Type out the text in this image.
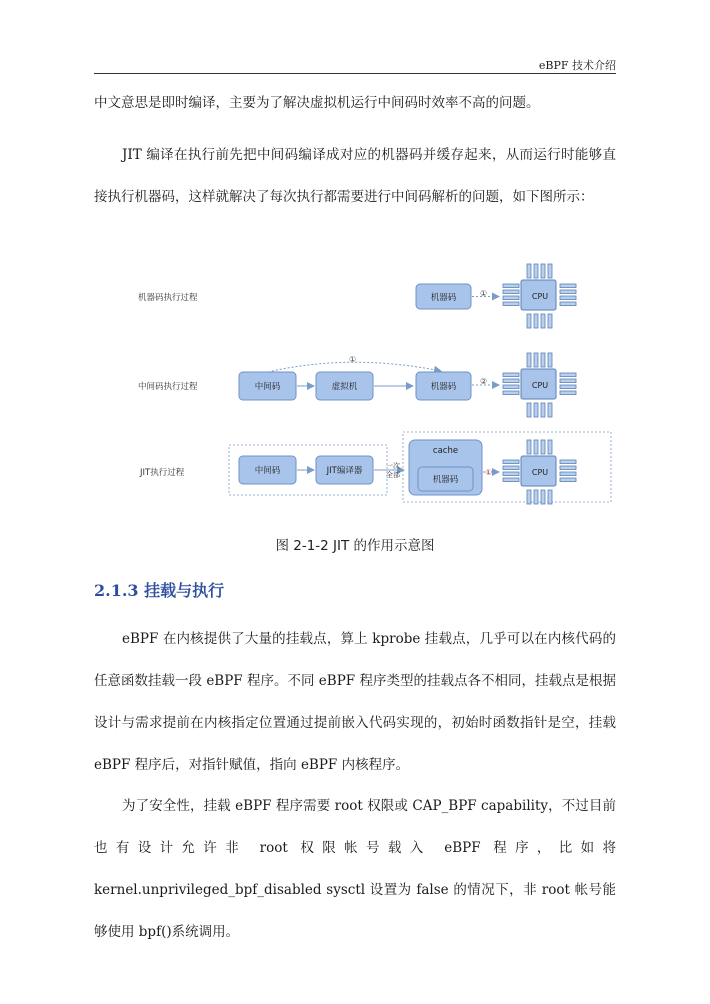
eBPF 技术介绍

中文意思是即时编译，主要为了解决虚拟机运行中间码时效率不高的问题。

JIT 编译在执行前先把中间码编译成对应的机器码并缓存起来，从而运行时能够直接执行机器码，这样就解决了每次执行都需要进行中间码解析的问题，如下图所示：

机器码执行过程	机器码	①	CPU
中间码执行过程	中间码	虚拟机
①
机器码
②	CPU
JIT执行过程	中间码	JIT编译器	一次
全部
cache
机器码
①	CPU
图 2-1-2 JIT 的作用示意图
2.1.3 挂载与执行

eBPF 在内核提供了大量的挂载点，算上 kprobe 挂载点，几乎可以在内核代码的任意函数挂载一段 eBPF 程序。不同 eBPF 程序类型的挂载点各不相同，挂载点是根据设计与需求提前在内核指定位置通过提前嵌入代码实现的，初始时函数指针是空，挂载 eBPF 程序后，对指针赋值，指向 eBPF 内核程序。

为了安全性，挂载 eBPF 程序需要 root 权限或 CAP_BPF capability，不过目前也有设计允许非 root 权限帐号载入 eBPF 程序，比如将 kernel.unprivileged_bpf_disabled sysctl 设置为 false 的情况下，非 root 帐号能够使用 bpf()系统调用。
